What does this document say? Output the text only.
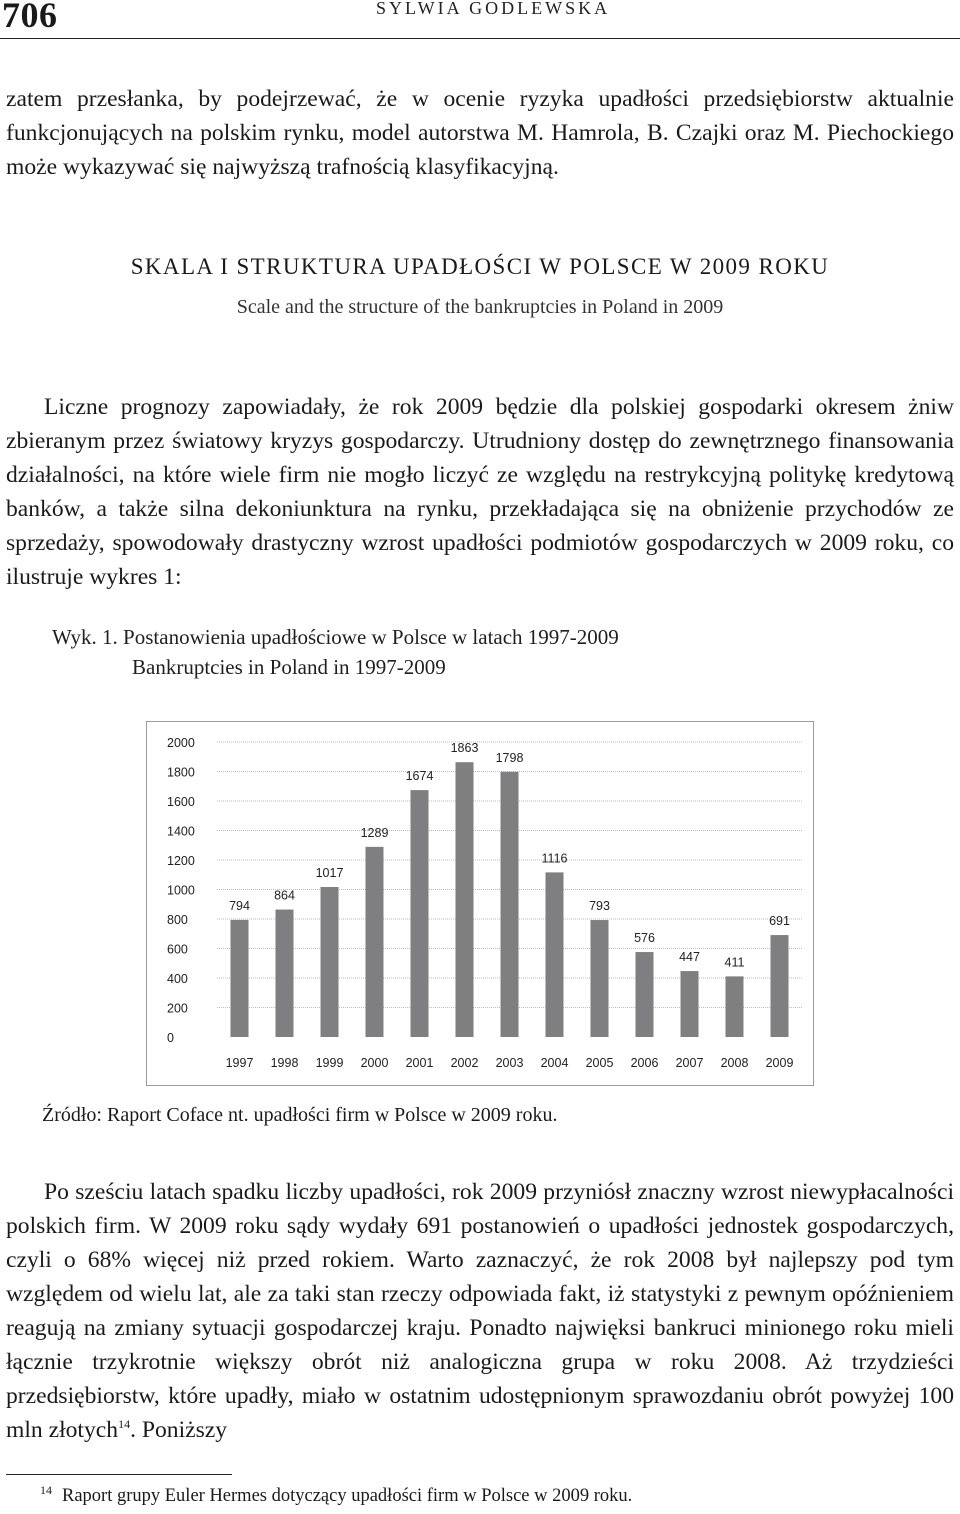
706	SYLWIA GODLEWSKA

zatem przesłanka, by podejrzewać, że w ocenie ryzyka upadłości przedsiębiorstw aktualnie funkcjonujących na polskim rynku, model autorstwa M. Hamrola, B. Czajki oraz M. Piechockiego może wykazywać się najwyższą trafnością klasyfikacyjną.

SKALA I STRUKTURA UPADŁOŚCI W POLSCE W 2009 ROKU
Scale and the structure of the bankruptcies in Poland in 2009

Liczne prognozy zapowiadały, że rok 2009 będzie dla polskiej gospodarki okresem żniw zbieranym przez światowy kryzys gospodarczy. Utrudniony dostęp do zewnętrznego finansowania działalności, na które wiele firm nie mogło liczyć ze względu na restrykcyjną politykę kredytową banków, a także silna dekoniunktura na rynku, przekładająca się na obniżenie przychodów ze sprzedaży, spowodowały drastyczny wzrost upadłości podmiotów gospodarczych w 2009 roku, co ilustruje wykres 1:

Wyk. 1. Postanowienia upadłościowe w Polsce w latach 1997-2009
Bankruptcies in Poland in 1997-2009
0
200
400
600
800
1000
1200
1400
1600
1800
2000
794
1997
864
1998
1017
1999
1289
2000
1674
2001
1863
2002
1798
2003
1116
2004
793
2005
576
2006
447
2007
411
2008
691
2009
Źródło: Raport Coface nt. upadłości firm w Polsce w 2009 roku.

Po sześciu latach spadku liczby upadłości, rok 2009 przyniósł znaczny wzrost niewypłacalności polskich firm. W 2009 roku sądy wydały 691 postanowień o upadłości jednostek gospodarczych, czyli o 68% więcej niż przed rokiem. Warto zaznaczyć, że rok 2008 był najlepszy pod tym względem od wielu lat, ale za taki stan rzeczy odpowiada fakt, iż statystyki z pewnym opóźnieniem reagują na zmiany sytuacji gospodarczej kraju. Ponadto najwięksi bankruci minionego roku mieli łącznie trzykrotnie większy obrót niż analogiczna grupa w roku 2008. Aż trzydzieści przedsiębiorstw, które upadły, miało w ostatnim udostępnionym sprawozdaniu obrót powyżej 100 mln złotych$^{14}$. Poniższy

$^{14}$ Raport grupy Euler Hermes dotyczący upadłości firm w Polsce w 2009 roku.
